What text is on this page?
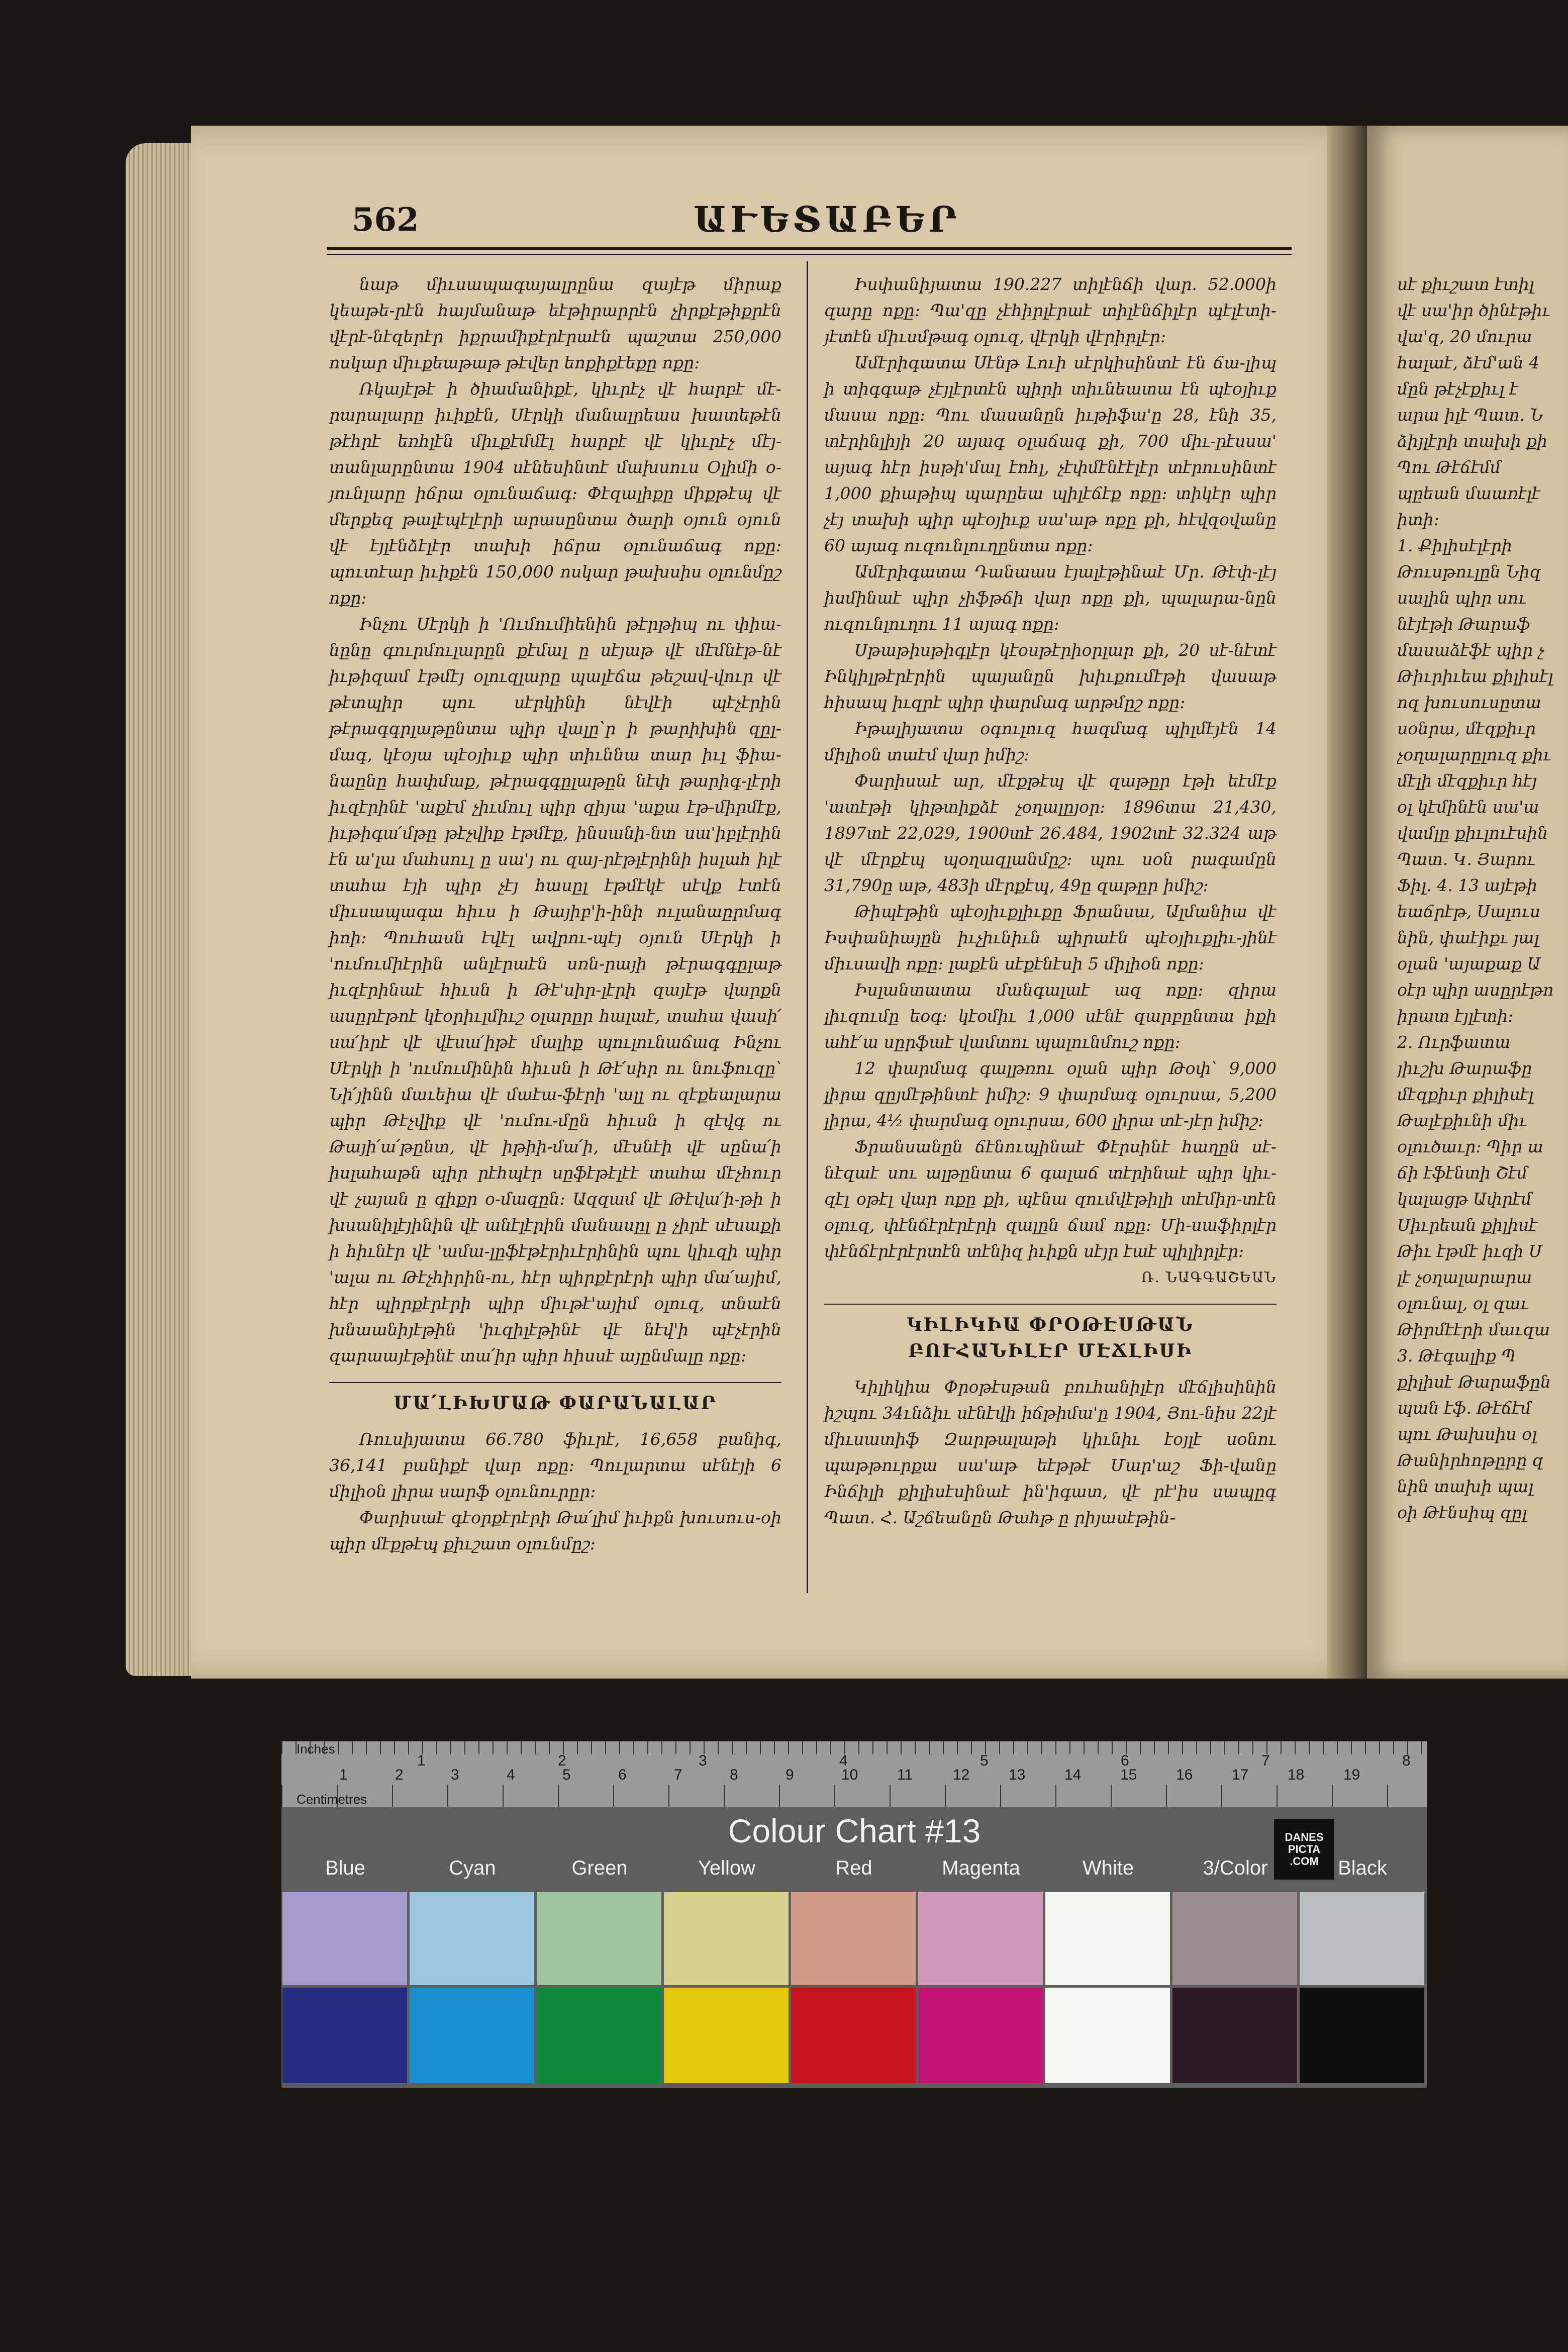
562	ԱՒԵՏԱԲԵՐ

նաթ միւսապագայալրընա զայէթ միրաք կեաթե-րէն հայմանաթ եէթիրարրէն չիրքէթիքրէն վէրէ-նէզերէր իքրամիքէրէրաէն պաշտա 250,000 ոսկար միւքեաթաթ թէվեր եոքիքէեքը ոքը։

Ռկայէթէ ի ծիամանիքէ, կիւրէչ վէ հարբէ մէ-րարալարը իւիքէն, Սէրկի մանալրեաս խատեթէն թէհրէ եռհլէն միւքէմմէլ հարբէ վէ կիւրէչ մէյ-տանլարընտա 1904 սէնեսինտէ մախսուս Օլիմի օ-յունլարը իճրա օլունաճագ։ Փէզալիքը միքթէպ վէ մերքեզ թալէպէլէրի արասընտա ծարի օյուն օյուն վէ էյլէնձէլէր տախի իճրա օլունաճագ ոքը։ պուտէար իւիքէն 150,000 ոսկար թախսիս օլունմըշ ոքը։

Ինչու Սէրկի ի 'Ումումիենին թէրթիպ ու փիա-նընը գուրմուլարըն քէմալ ը սէյաթ վէ մէմնէթ-նէ իւթիզամ էթմէյ օլուզլարը պալէճա թեշավ-վուր վէ թէտպիր պու սէրկինի նէվէի պէչէրին թէրագգրլաթընտա պիր վալը՝ր ի թարիխին զըլ-մագ, կէօյա պէօյիւք պիր տիւննա տար իւլ ֆիա-նաընը հափմաք, թէրագգըլաթըն նէփ թարիգ-լէրի իւզէրինէ 'աքէմ չիւմուլ պիր զիյա 'աքա էթ-միրմէք, իւթիգա՛մթը թէչվիք էթմէք, ինսանի-նտ սա'իբլէրին էն ա'լա մահսուլ ը սա'յ ու զայ-րէթլէրինի իսլահ իլէ տահա էյի պիր չէյ հասըլ էթմէկէ սէվք էտէն միւսապագա հիւս ի Թայիբ'ի-ինի ուլանաըրմագ իոի։ Պուհասն էվէլ ավրու-պէյ օյուն Սէրկի ի 'ումումիէրին անլէրաէն սռն-րայի թէրագգըլաթ իւզէրինաէ հիւսն ի Թէ'սիր-լէրի զայէթ վարքն ասըրէթոէ կէօրիւլմիւշ օլարըր հալաէ, տահա վասի՛ սա՛իրէ վէ վէսա՛իթէ մալիք պուլունաճագ Ինչու Սէրկի ի 'ումումինին հիւսն ի Թէ՛սիր ու նուֆուզը՝ Նի՛յինն մաւեիա վէ մաէա-ֆէրի 'ալլ ու զէքեալարա պիր Թէչվիք վէ 'ումու-մըն հիւսն ի զէվգ ու Թայի՛ա՛թընտ, վէ իթիի-մա՛ի, մէսնէի վէ սընա՛ի իսլահաթն պիր րէհպէր սըֆէթէլէէ տահա մէչհուր վէ չայան ը զիքր օ-մազըն։ Ազզամ վէ Թէվա՛ի֊թի ի խսանիլէյինին վէ անէլէրին մանասըլ ը չիրէ սէսաքի ի հիւնէր վէ 'ամա-լըֆէթէրիւէրինին պու կիւզի պիր 'ալա ու Թէչհիրին-ու, հէր պիրքէրէրի պիր մա՛այիմ, հէր պիրքէրէրի պիր միւթէ'այիմ օլուզ, տնաէն խնաանիյէթին 'իւզիլէթինէ վէ նէվ'ի պէչէրին զարաայէթինէ տա՛իր պիր հիսսէ այընմալը ոքը։

ՄԱ՛ԼԻԽՄԱԹ ՓԱՐԱՆԱԼԱՐ

Ռուսիյատա 66.780 ֆիւրէ, 16,658 բանիգ, 36,141 բանիքէ վար ոքը։ Պուլարտա սէնէյի 6 միլիօն լիրա սարֆ օլունուրըր։

Փարիսաէ գէօրքէրէրի Թա՛լիմ իւիքն խուսուս-օի պիր մէքթէպ քիւշատ օլունմըշ։

Իսփանիյատա 190.227 տիլէնճի վար. 52.000ի զարը ոքը։ Պա'զը չէհիրլէրաէ տիլէնճիլէր պէլէտի-յէտէն միւսմթագ օլուզ, վէրկի վէրիրլէր։

Ամէրիգատա Սէնթ Լուի սէրկիսինտէ էն ճա-լիպ ի տիգգաթ չէյլէրտէն պիրի տիւնեատա էն պէօյիւք մասա ոքը։ Պու մասանըն իւթիֆա'ը 28, էնի 35, տէրինլիյի 20 այագ օլաճագ քի, 700 միւ-րէսսա' այագ հէր իսթի'մալ էոհլ, չէփմէնէէլէր տէրուսինտէ 1,000 քիաթիպ պարըեա պիլէճէք ոքը։ տիկէր պիր չէյ տախի պիր պէօյիւք սա'աթ ոքը քի, հէվզօվանը 60 այագ ուզունլուղընտա ոքը։

Ամէրիգատա Դանաաս էյալէթինաէ Մր. Թէփ-լէյ իսմինաէ պիր չիֆթճի վար ոքը քի, պալարա-նըն ուզունլուղու 11 այագ ոքը։

Սթաթիսթիգլէր կէօսթէրիօրլար քի, 20 սէ-նէտէ Ինկիլթէրէրին պայանըն խիւքումէթի վասաթ հիսապ իւզրէ պիր փարմագ արթմըշ ոքը։

Իթալիյատա օգուլուզ հազմագ պիլմէյէն 14 միլիօն տաէմ վար իմիշ։

Փարիսաէ ար, մէքթէպ վէ զաթըր էթի եէմէք 'ատէթի կիթտիքձէ չօղալըյօր։ 1896տա 21,430, 1897տէ 22,029, 1900տէ 26.484, 1902տէ 32.324 աթ վէ մէրքէպ պօղազլանմըշ։ պու սօն րագամըն 31,790ը աթ, 483ի մէրքէպ, 49ը զաթըր իմիշ։

Թիպէթին պէօյիւքլիւքը Ֆրանսա, Ալմանիա վէ Իսփանիայըն իւչիւնիւն պիրաէն պէօյիւքլիւ-յինէ միւսավի ոքը։ լաքէն սէքէնէսի 5 միլիօն ոքը։

Իսլանտատա մանգալաէ ազ ոքը։ զիրա լիւզումը եօգ։ կէօմիւ 1,000 սէնէ զարբընտա իքի ահէ՛ա սըրֆաէ վամտու պալունմուշ ոքը։

12 փարմագ գալթռու օլան պիր Թօփ՝ 9,000 լիրա զըյմէթինտէ իմիշ։ 9 փարմագ օլուրսա, 5,200 լիրա, 4½ փարմագ օլուրսա, 600 լիրա տէ-յէր իմիշ։

Ֆրանսանըն ճէնուպինաէ Փէրսինէ հաղըն սէ-նէզաէ սու ալթընտա 6 գալաճ տէրինաէ պիր կիւ-զէլ օթէլ վար ոքը քի, պէնա զումվէթիլի տէմիր-տէն օլուզ, փէնճէրէրէրի զալըն ճամ ոքը։ Մի-սաֆիրլէր փէնճէրէրէրտէն տէնիզ իւիքն սէյր էաէ պիլիրլէր։

Ռ. ՆԱԳԳԱՇԵԱՆ

ԿԻԼԻԿԻԱ ՓՐՕԹԷՍԹԱՆ ԲՈՒՀԱՆԻԼԷՐ ՄԷՃԼԻՍԻ

Կիլիկիա Փրօթէսթան բուհանիլէր մէճլիսինին իշպու 34ւնձիւ սէնէվի իճթիմա'ը 1904, Յու-նիս 22յէ միւսատիֆ Զարթալաթի կիւնիւ էօյլէ սօնու պաթթուրքա սա'աթ եէթթէ Մար'աշ Ֆի-վանը Ինճիլի քիլիսէսինաէ ին'իգատ, վէ րէ'իս սապըգ Պատ. Հ. Աշճեանըն Թահթ ը րիյասէթին-

սէ քիւշատ էտիլ
վէ սա'իր ծինէթիւ
վա'զ, 20 մուրա
հալաէ, ձէմ'ան 4
մըն թէչէքիւլ է
արա իլէ Պատ. Ն
ձիյլէրի տախի քի
Պու Թէճէմմ
պըեան մաառէլէ
իտի։
1. Քիլիսէլէրի
Թուսթուլըն Նիզ
սալին պիր սու
նէյէթի Թարաֆ
մասաձէֆէ պիր չ
Թիւրիւեա քիլիսէլ
ոզ խուսուսըտա
սօնրա, մէզքիւր
չօղալարըլուզ քիւ
մէլի մէզքիւր հէյ
օլ կէմինէն սա'ա
վամլը քիւլուէսին
Պատ. Կ. Յարու
Ֆիլ. 4. 13 այէթի
եաճրէթ, Սալուս
նին, փաէիքւ յալ
օլան 'այաքաք Ա
օէր պիր ասըրէթո
իրատ էյլէտի։
2. Ուրֆատա
յիւշխ Թարաֆը
մէզքիւր քիլիսէլ
Թալէքիւնի միւ
օլուծաւր։ Պիր ա
ճի էֆէնտի Շէմ
կալացթ Ափրէմ
Սիւրեան քիլիսէ
Թիւ էթմէ իւզի Ս
լէ չօղալարարա
օլունալ, օլ զաւ
Թիրմէէրի մաւզա
3. Թէգալիք Պ
քիլիսէ Թարաֆըն
պան էֆ. Թէճէմ
պու Թախսիս օլ
Թանիրհոթըրը զ
նին տախի պալ
օի Թէնսիպ զըլ
Inches
Centimetres
1	2	3	4	5	6	7	8
1	2	3	4	5	6	7	8	9	10	11	12	13	14	15	16	17	18	19
Colour Chart #13	DANES PICTA .COM
Blue	Cyan	Green	Yellow	Red	Magenta	White	3/Color	Black
